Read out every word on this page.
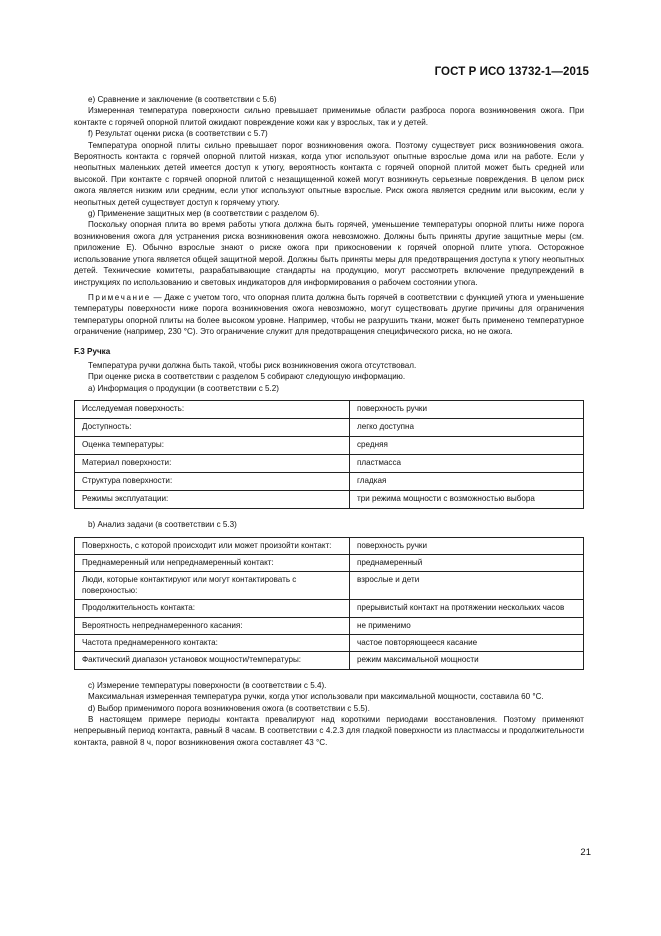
ГОСТ Р ИСО 13732-1—2015

е) Сравнение и заключение (в соответствии с 5.6)

Измеренная температура поверхности сильно превышает применимые области разброса порога возникновения ожога. При контакте с горячей опорной плитой ожидают повреждение кожи как у взрослых, так и у детей.

f) Результат оценки риска (в соответствии с 5.7)

Температура опорной плиты сильно превышает порог возникновения ожога. Поэтому существует риск возникновения ожога. Вероятность контакта с горячей опорной плитой низкая, когда утюг используют опытные взрослые дома или на работе. Если у неопытных маленьких детей имеется доступ к утюгу, вероятность контакта с горячей опорной плитой может быть средней или высокой. При контакте с горячей опорной плитой с незащищенной кожей могут возникнуть серьезные повреждения. В целом риск ожога является низким или средним, если утюг используют опытные взрослые. Риск ожога является средним или высоким, если у неопытных детей существует доступ к горячему утюгу.

g) Применение защитных мер (в соответствии с разделом 6).

Поскольку опорная плита во время работы утюга должна быть горячей, уменьшение температуры опорной плиты ниже порога возникновения ожога для устранения риска возникновения ожога невозможно. Должны быть приняты другие защитные меры (см. приложение Е). Обычно взрослые знают о риске ожога при прикосновении к горячей опорной плите утюга. Осторожное использование утюга является общей защитной мерой. Должны быть приняты меры для предотвращения доступа к утюгу неопытных детей. Технические комитеты, разрабатывающие стандарты на продукцию, могут рассмотреть включение предупреждений в инструкциях по использованию и световых индикаторов для информирования о рабочем состоянии утюга.

Примечание — Даже с учетом того, что опорная плита должна быть горячей в соответствии с функцией утюга и уменьшение температуры поверхности ниже порога возникновения ожога невозможно, могут существовать другие причины для ограничения температуры опорной плиты на более высоком уровне. Например, чтобы не разрушить ткани, может быть применено температурное ограничение (например, 230 °С). Это ограничение служит для предотвращения специфического риска, но не ожога.

F.3 Ручка

Температура ручки должна быть такой, чтобы риск возникновения ожога отсутствовал.

При оценке риска в соответствии с разделом 5 собирают следующую информацию.

а) Информация о продукции (в соответствии с 5.2)

Исследуемая поверхность:	поверхность ручки
Доступность:	легко доступна
Оценка температуры:	средняя
Материал поверхности:	пластмасса
Структура поверхности:	гладкая
Режимы эксплуатации:	три режима мощности с возможностью выбора

b) Анализ задачи (в соответствии с 5.3)

Поверхность, с которой происходит или может произойти контакт:	поверхность ручки
Преднамеренный или непреднамеренный контакт:	преднамеренный
Люди, которые контактируют или могут контактировать с поверхностью:	взрослые и дети
Продолжительность контакта:	прерывистый контакт на протяжении нескольких часов
Вероятность непреднамеренного касания:	не применимо
Частота преднамеренного контакта:	частое повторяющееся касание
Фактический диапазон установок мощности/температуры:	режим максимальной мощности

с) Измерение температуры поверхности (в соответствии с 5.4).

Максимальная измеренная температура ручки, когда утюг использовали при максимальной мощности, составила 60 °С.

d) Выбор применимого порога возникновения ожога (в соответствии с 5.5).

В настоящем примере периоды контакта превалируют над короткими периодами восстановления. Поэтому применяют непрерывный период контакта, равный 8 часам. В соответствии с 4.2.3 для гладкой поверхности из пластмассы и продолжительности контакта, равной 8 ч, порог возникновения ожога составляет 43 °С.

21
